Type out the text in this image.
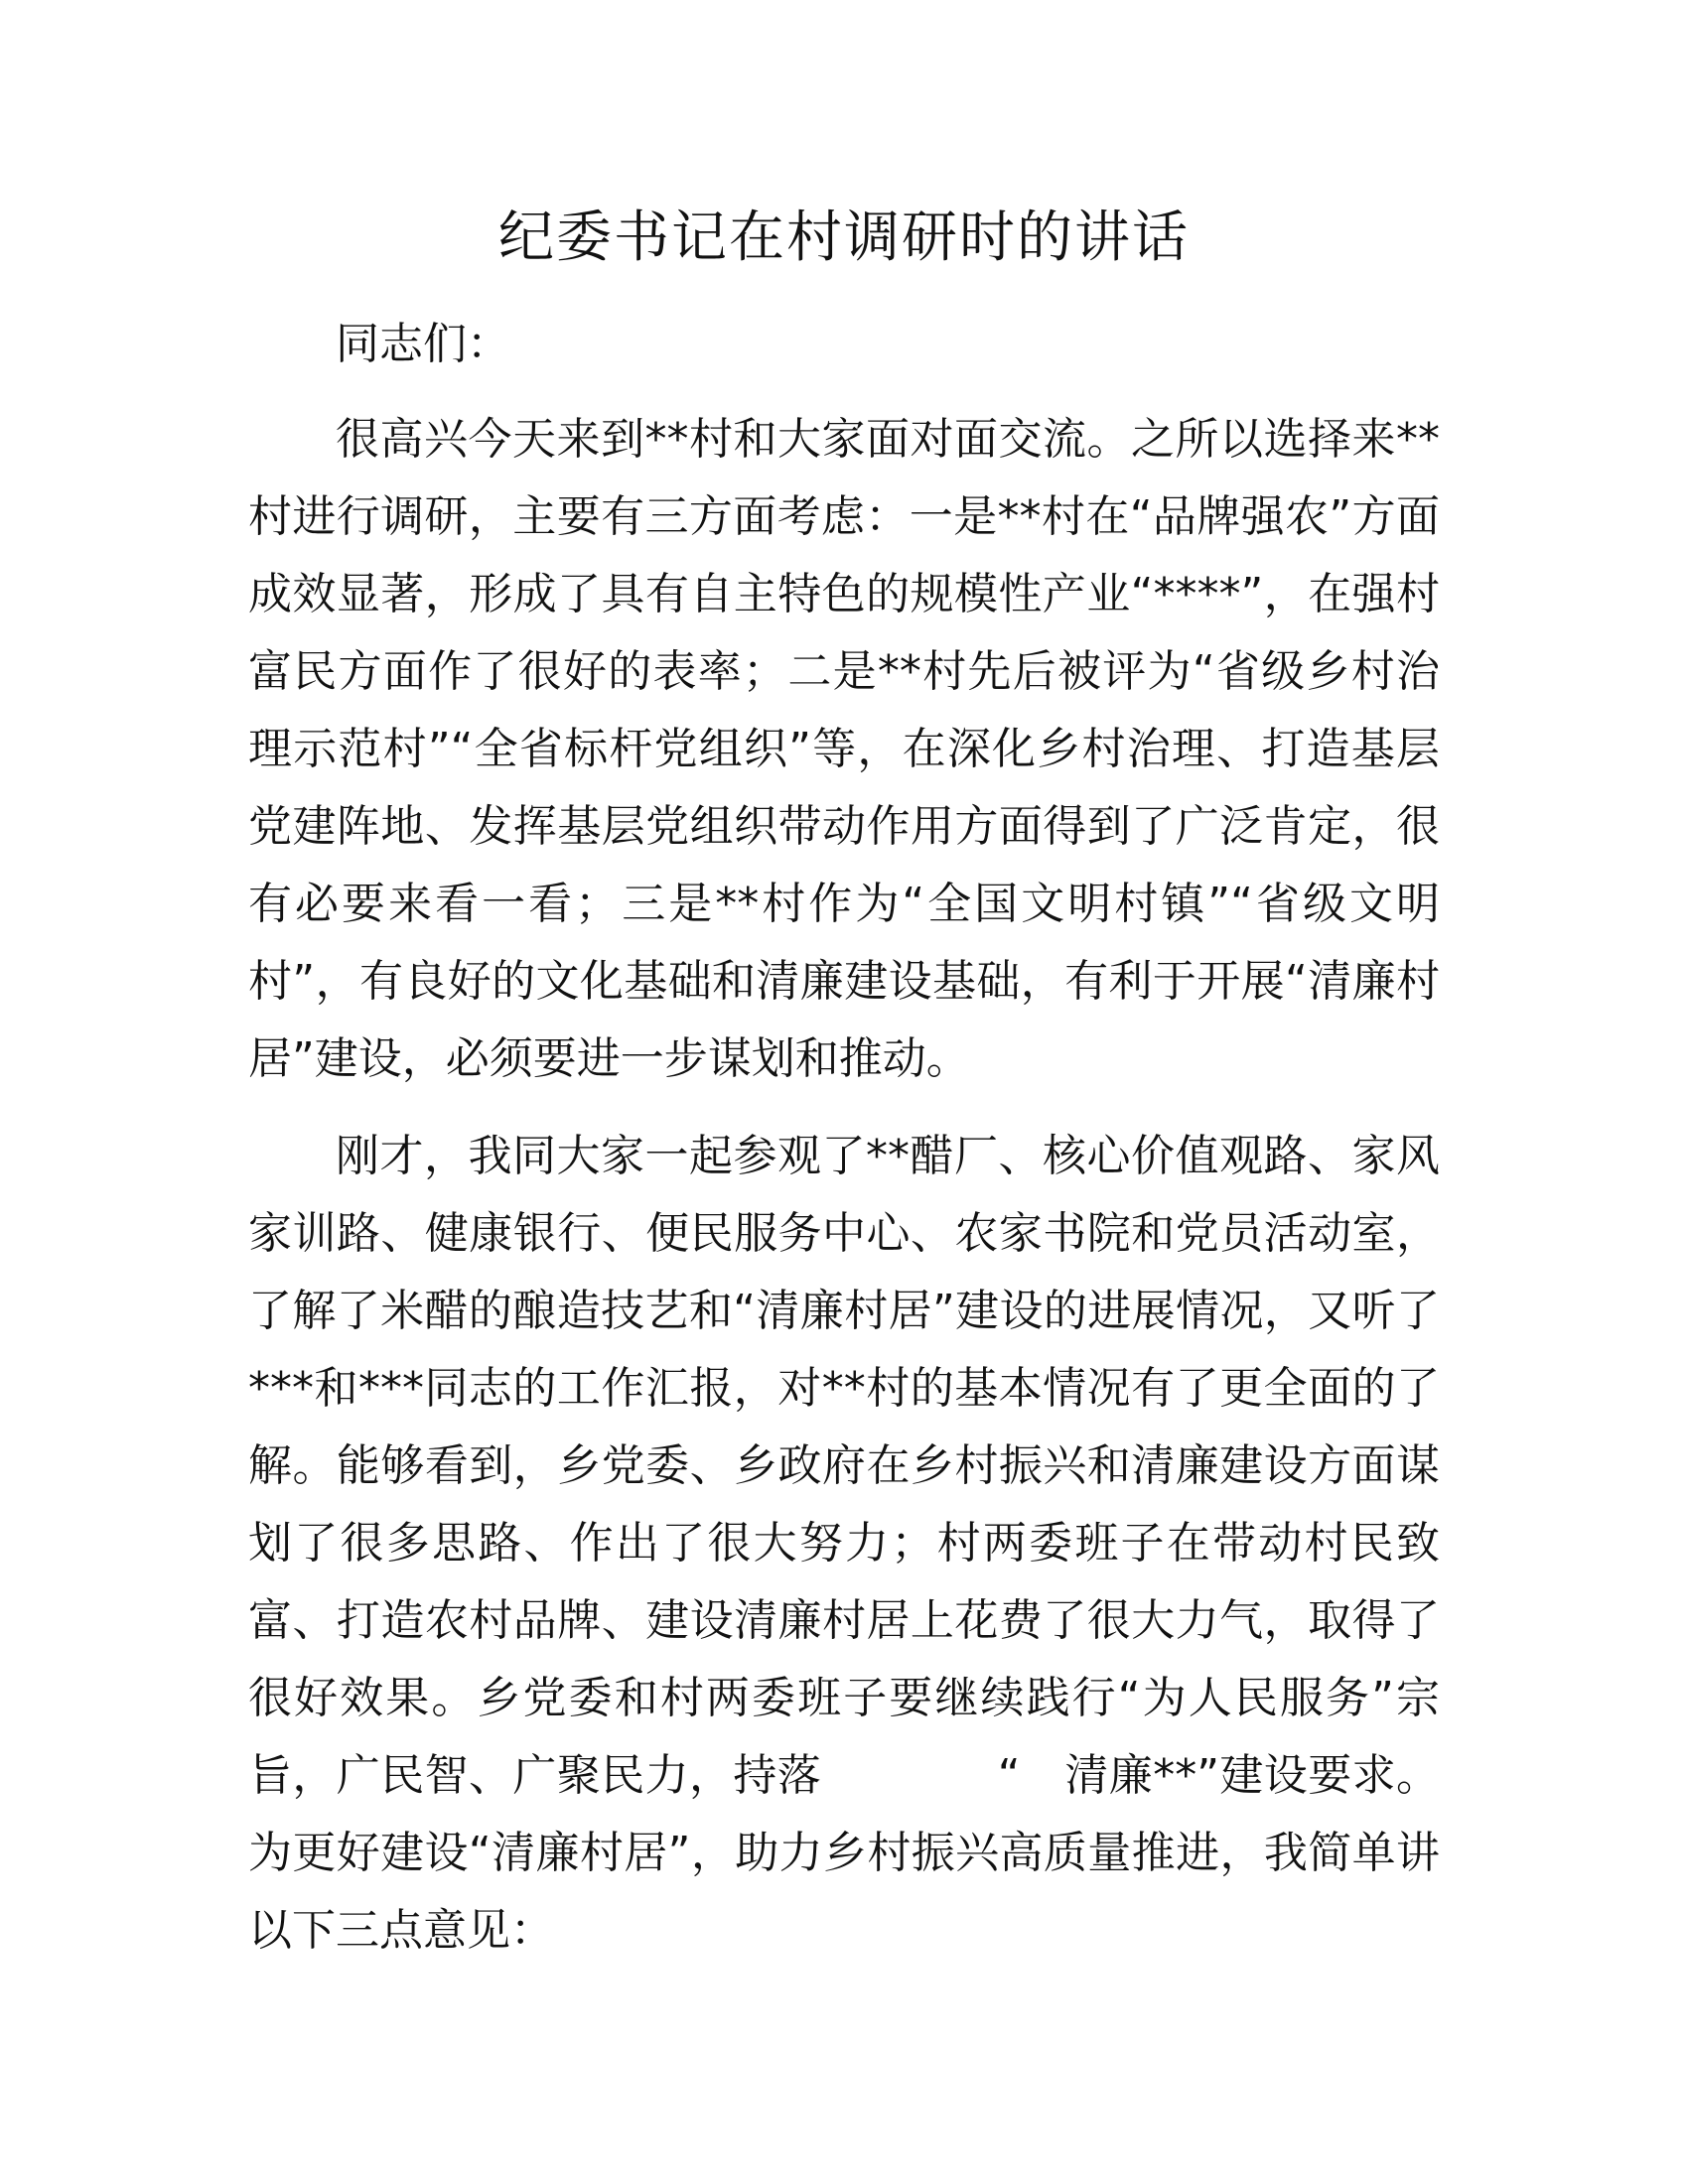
纪委书记在村调研时的讲话

同志们：

很高兴今天来到**村和大家面对面交流。之所以选择来**村进行调研，主要有三方面考虑：一是**村在“品牌强农”方面成效显著，形成了具有自主特色的规模性产业“****”，在强村富民方面作了很好的表率；二是**村先后被评为“省级乡村治理示范村”“全省标杆党组织”等，在深化乡村治理、打造基层党建阵地、发挥基层党组织带动作用方面得到了广泛肯定，很有必要来看一看；三是**村作为“全国文明村镇”“省级文明村”，有良好的文化基础和清廉建设基础，有利于开展“清廉村居”建设，必须要进一步谋划和推动。

刚才，我同大家一起参观了**醋厂、核心价值观路、家风家训路、健康银行、便民服务中心、农家书院和党员活动室，了解了米醋的酿造技艺和“清廉村居”建设的进展情况，又听了***和***同志的工作汇报，对**村的基本情况有了更全面的了解。能够看到，乡党委、乡政府在乡村振兴和清廉建设方面谋划了很多思路、作出了很大努力；村两委班子在带动村民致富、打造农村品牌、建设清廉村居上花费了很大力气，取得了很好效果。乡党委和村两委班子要继续践行“为人民服务”宗旨，广民智、广聚民力，持落　　　　“　清廉**”建设要求。为更好建设“清廉村居”，助力乡村振兴高质量推进，我简单讲以下三点意见：
